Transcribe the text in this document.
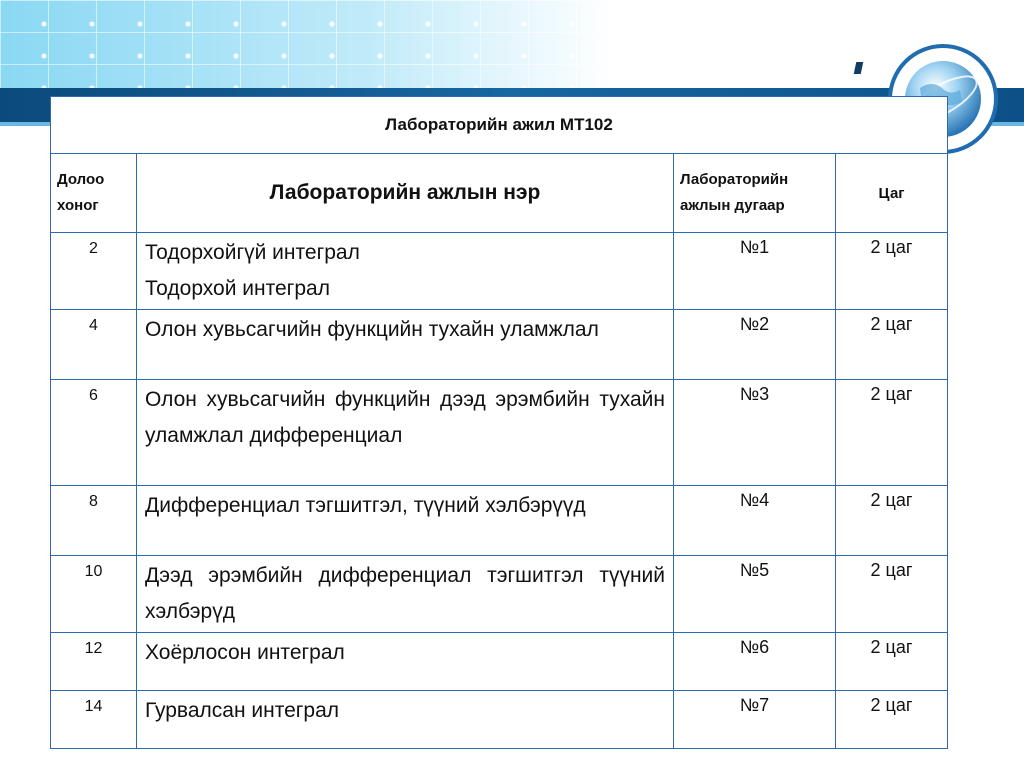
Лабораторийн ажил MT102			

Долоо
хоног	Лабораторийн ажлын нэр	Лабораторийн
ажлын дугаар	Цаг
2	Тодорхойгүй интеграл
Тодорхой интеграл	№1	2 цаг
4	Олон хувьсагчийн функцийн тухайн уламжлал	№2	2 цаг
6	Олон хувьсагчийн функцийн дээд эрэмбийн тухайн уламжлал дифференциал	№3	2 цаг
8	Дифференциал тэгшитгэл, түүний хэлбэрүүд	№4	2 цаг
10	Дээд эрэмбийн дифференциал тэгшитгэл түүний хэлбэрүд	№5	2 цаг
12	Хоёрлосон интеграл	№6	2 цаг
14	Гурвалсан интеграл	№7	2 цаг
